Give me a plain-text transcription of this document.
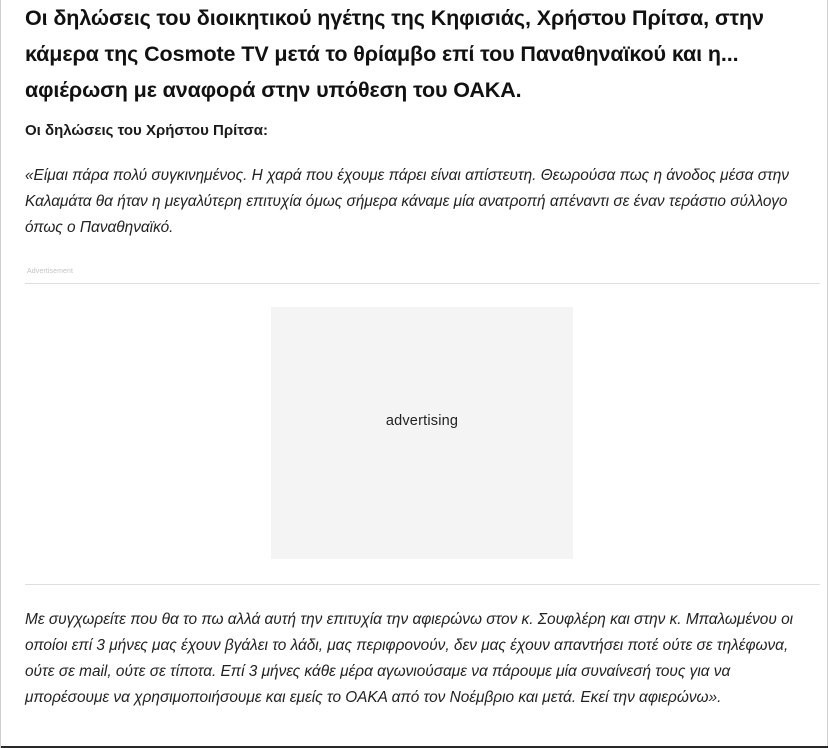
Οι δηλώσεις του διοικητικού ηγέτης της Κηφισιάς, Χρήστου Πρίτσα, στην κάμερα της Cosmote TV μετά το θρίαμβο επί του Παναθηναϊκού και η... αφιέρωση με αναφορά στην υπόθεση του ΟΑΚΑ.
Οι δηλώσεις του Χρήστου Πρίτσα:

«Είμαι πάρα πολύ συγκινημένος. Η χαρά που έχουμε πάρει είναι απίστευτη. Θεωρούσα πως η άνοδος μέσα στην Καλαμάτα θα ήταν η μεγαλύτερη επιτυχία όμως σήμερα κάναμε μία ανατροπή απέναντι σε έναν τεράστιο σύλλογο όπως ο Παναθηναϊκό.

Advertisement
advertising

Με συγχωρείτε που θα το πω αλλά αυτή την επιτυχία την αφιερώνω στον κ. Σουφλέρη και στην κ. Μπαλωμένου οι οποίοι επί 3 μήνες μας έχουν βγάλει το λάδι, μας περιφρονούν, δεν μας έχουν απαντήσει ποτέ ούτε σε τηλέφωνα, ούτε σε mail, ούτε σε τίποτα. Επί 3 μήνες κάθε μέρα αγωνιούσαμε να πάρουμε μία συναίνεσή τους για να μπορέσουμε να χρησιμοποιήσουμε και εμείς το ΟΑΚΑ από τον Νοέμβριο και μετά. Εκεί την αφιερώνω».
